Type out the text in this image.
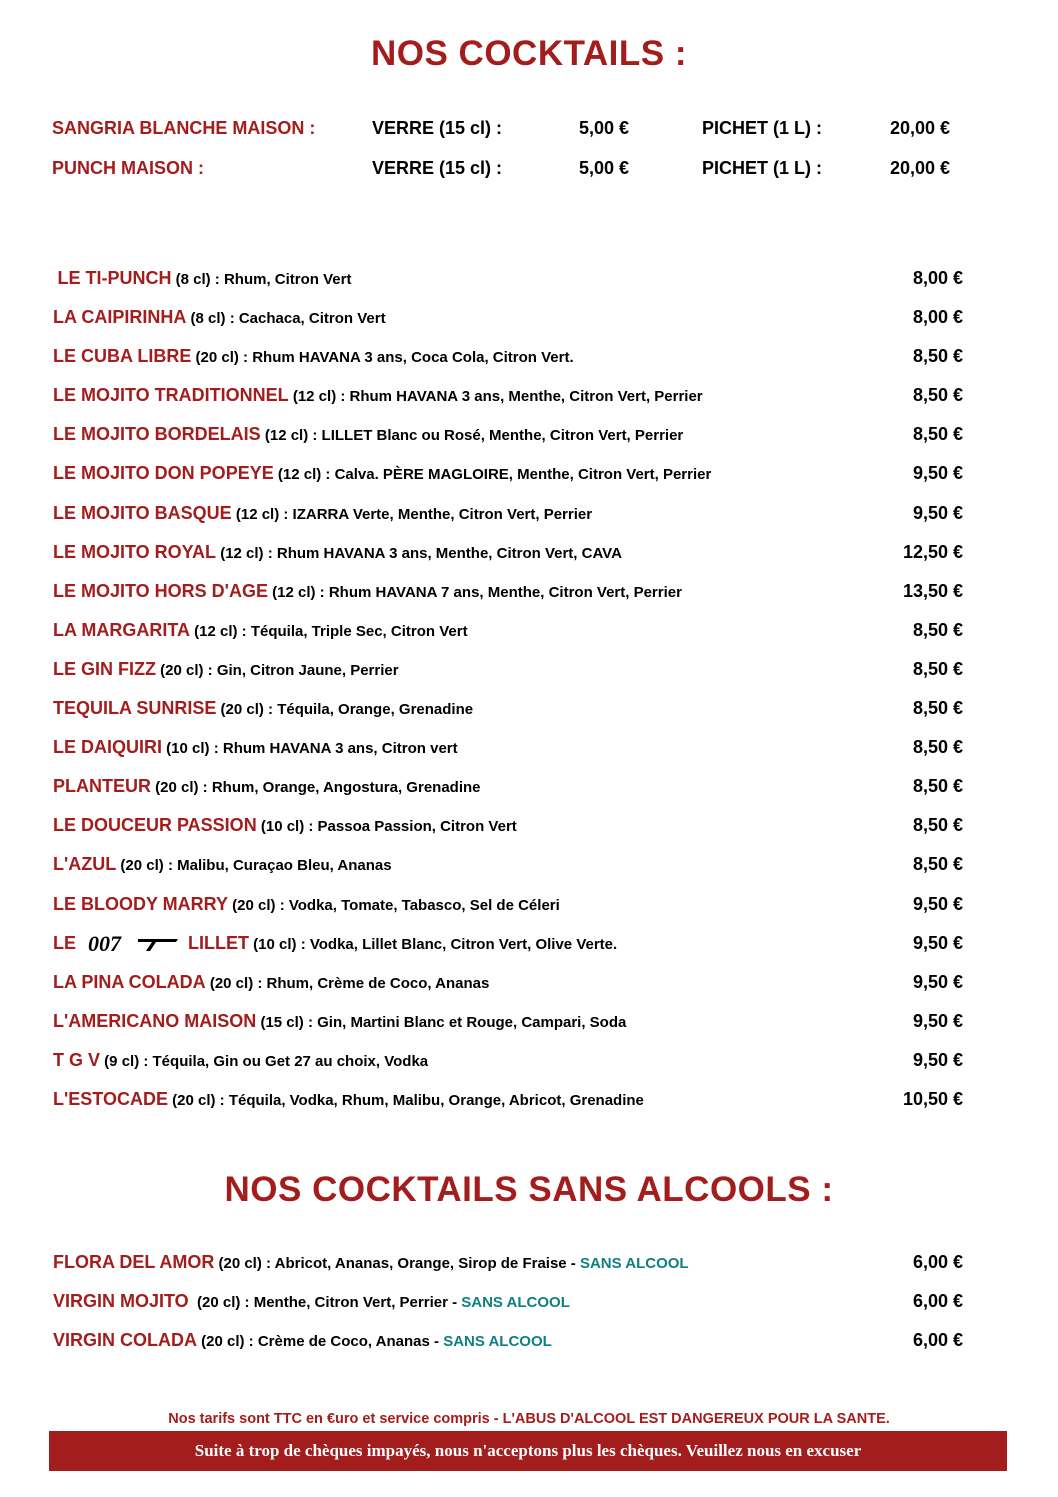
NOS COCKTAILS :
SANGRIA BLANCHE MAISON :	VERRE (15 cl) :	5,00 €	PICHET (1 L) :	20,00 €
PUNCH MAISON :	VERRE (15 cl) :	5,00 €	PICHET (1 L) :	20,00 €
LE TI-PUNCH (8 cl) : Rhum, Citron Vert	8,00 €
LA CAIPIRINHA (8 cl) : Cachaca, Citron Vert	8,00 €
LE CUBA LIBRE (20 cl) : Rhum HAVANA 3 ans, Coca Cola, Citron Vert.	8,50 €
LE MOJITO TRADITIONNEL (12 cl) : Rhum HAVANA 3 ans, Menthe, Citron Vert, Perrier	8,50 €
LE MOJITO BORDELAIS (12 cl) : LILLET Blanc ou Rosé, Menthe, Citron Vert, Perrier	8,50 €
LE MOJITO DON POPEYE (12 cl) : Calva. PÈRE MAGLOIRE, Menthe, Citron Vert, Perrier	9,50 €
LE MOJITO BASQUE (12 cl) : IZARRA Verte, Menthe, Citron Vert, Perrier	9,50 €
LE MOJITO ROYAL (12 cl) : Rhum HAVANA 3 ans, Menthe, Citron Vert, CAVA	12,50 €
LE MOJITO HORS D'AGE (12 cl) : Rhum HAVANA 7 ans, Menthe, Citron Vert, Perrier	13,50 €
LA MARGARITA (12 cl) : Téquila, Triple Sec, Citron Vert	8,50 €
LE GIN FIZZ (20 cl) : Gin, Citron Jaune, Perrier	8,50 €
TEQUILA SUNRISE (20 cl) : Téquila, Orange, Grenadine	8,50 €
LE DAIQUIRI (10 cl) : Rhum HAVANA 3 ans, Citron vert	8,50 €
PLANTEUR (20 cl) : Rhum, Orange, Angostura, Grenadine	8,50 €
LE DOUCEUR PASSION (10 cl) : Passoa Passion, Citron Vert	8,50 €
L'AZUL (20 cl) : Malibu, Curaçao Bleu, Ananas	8,50 €
LE BLOODY MARRY (20 cl) : Vodka, Tomate, Tabasco, Sel de Céleri	9,50 €
LE 007	LILLET (10 cl) : Vodka, Lillet Blanc, Citron Vert, Olive Verte.	9,50 €
LA PINA COLADA (20 cl) : Rhum, Crème de Coco, Ananas	9,50 €
L'AMERICANO MAISON (15 cl) : Gin, Martini Blanc et Rouge, Campari, Soda	9,50 €
T G V (9 cl) : Téquila, Gin ou Get 27 au choix, Vodka	9,50 €
L'ESTOCADE (20 cl) : Téquila, Vodka, Rhum, Malibu, Orange, Abricot, Grenadine	10,50 €
NOS COCKTAILS SANS ALCOOLS :
FLORA DEL AMOR (20 cl) : Abricot, Ananas, Orange, Sirop de Fraise - SANS ALCOOL	6,00 €
VIRGIN MOJITO  (20 cl) : Menthe, Citron Vert, Perrier - SANS ALCOOL	6,00 €
VIRGIN COLADA (20 cl) : Crème de Coco, Ananas - SANS ALCOOL	6,00 €
Nos tarifs sont TTC en €uro et service compris - L'ABUS D'ALCOOL EST DANGEREUX POUR LA SANTE.
Suite à trop de chèques impayés, nous n'acceptons plus les chèques. Veuillez nous en excuser
